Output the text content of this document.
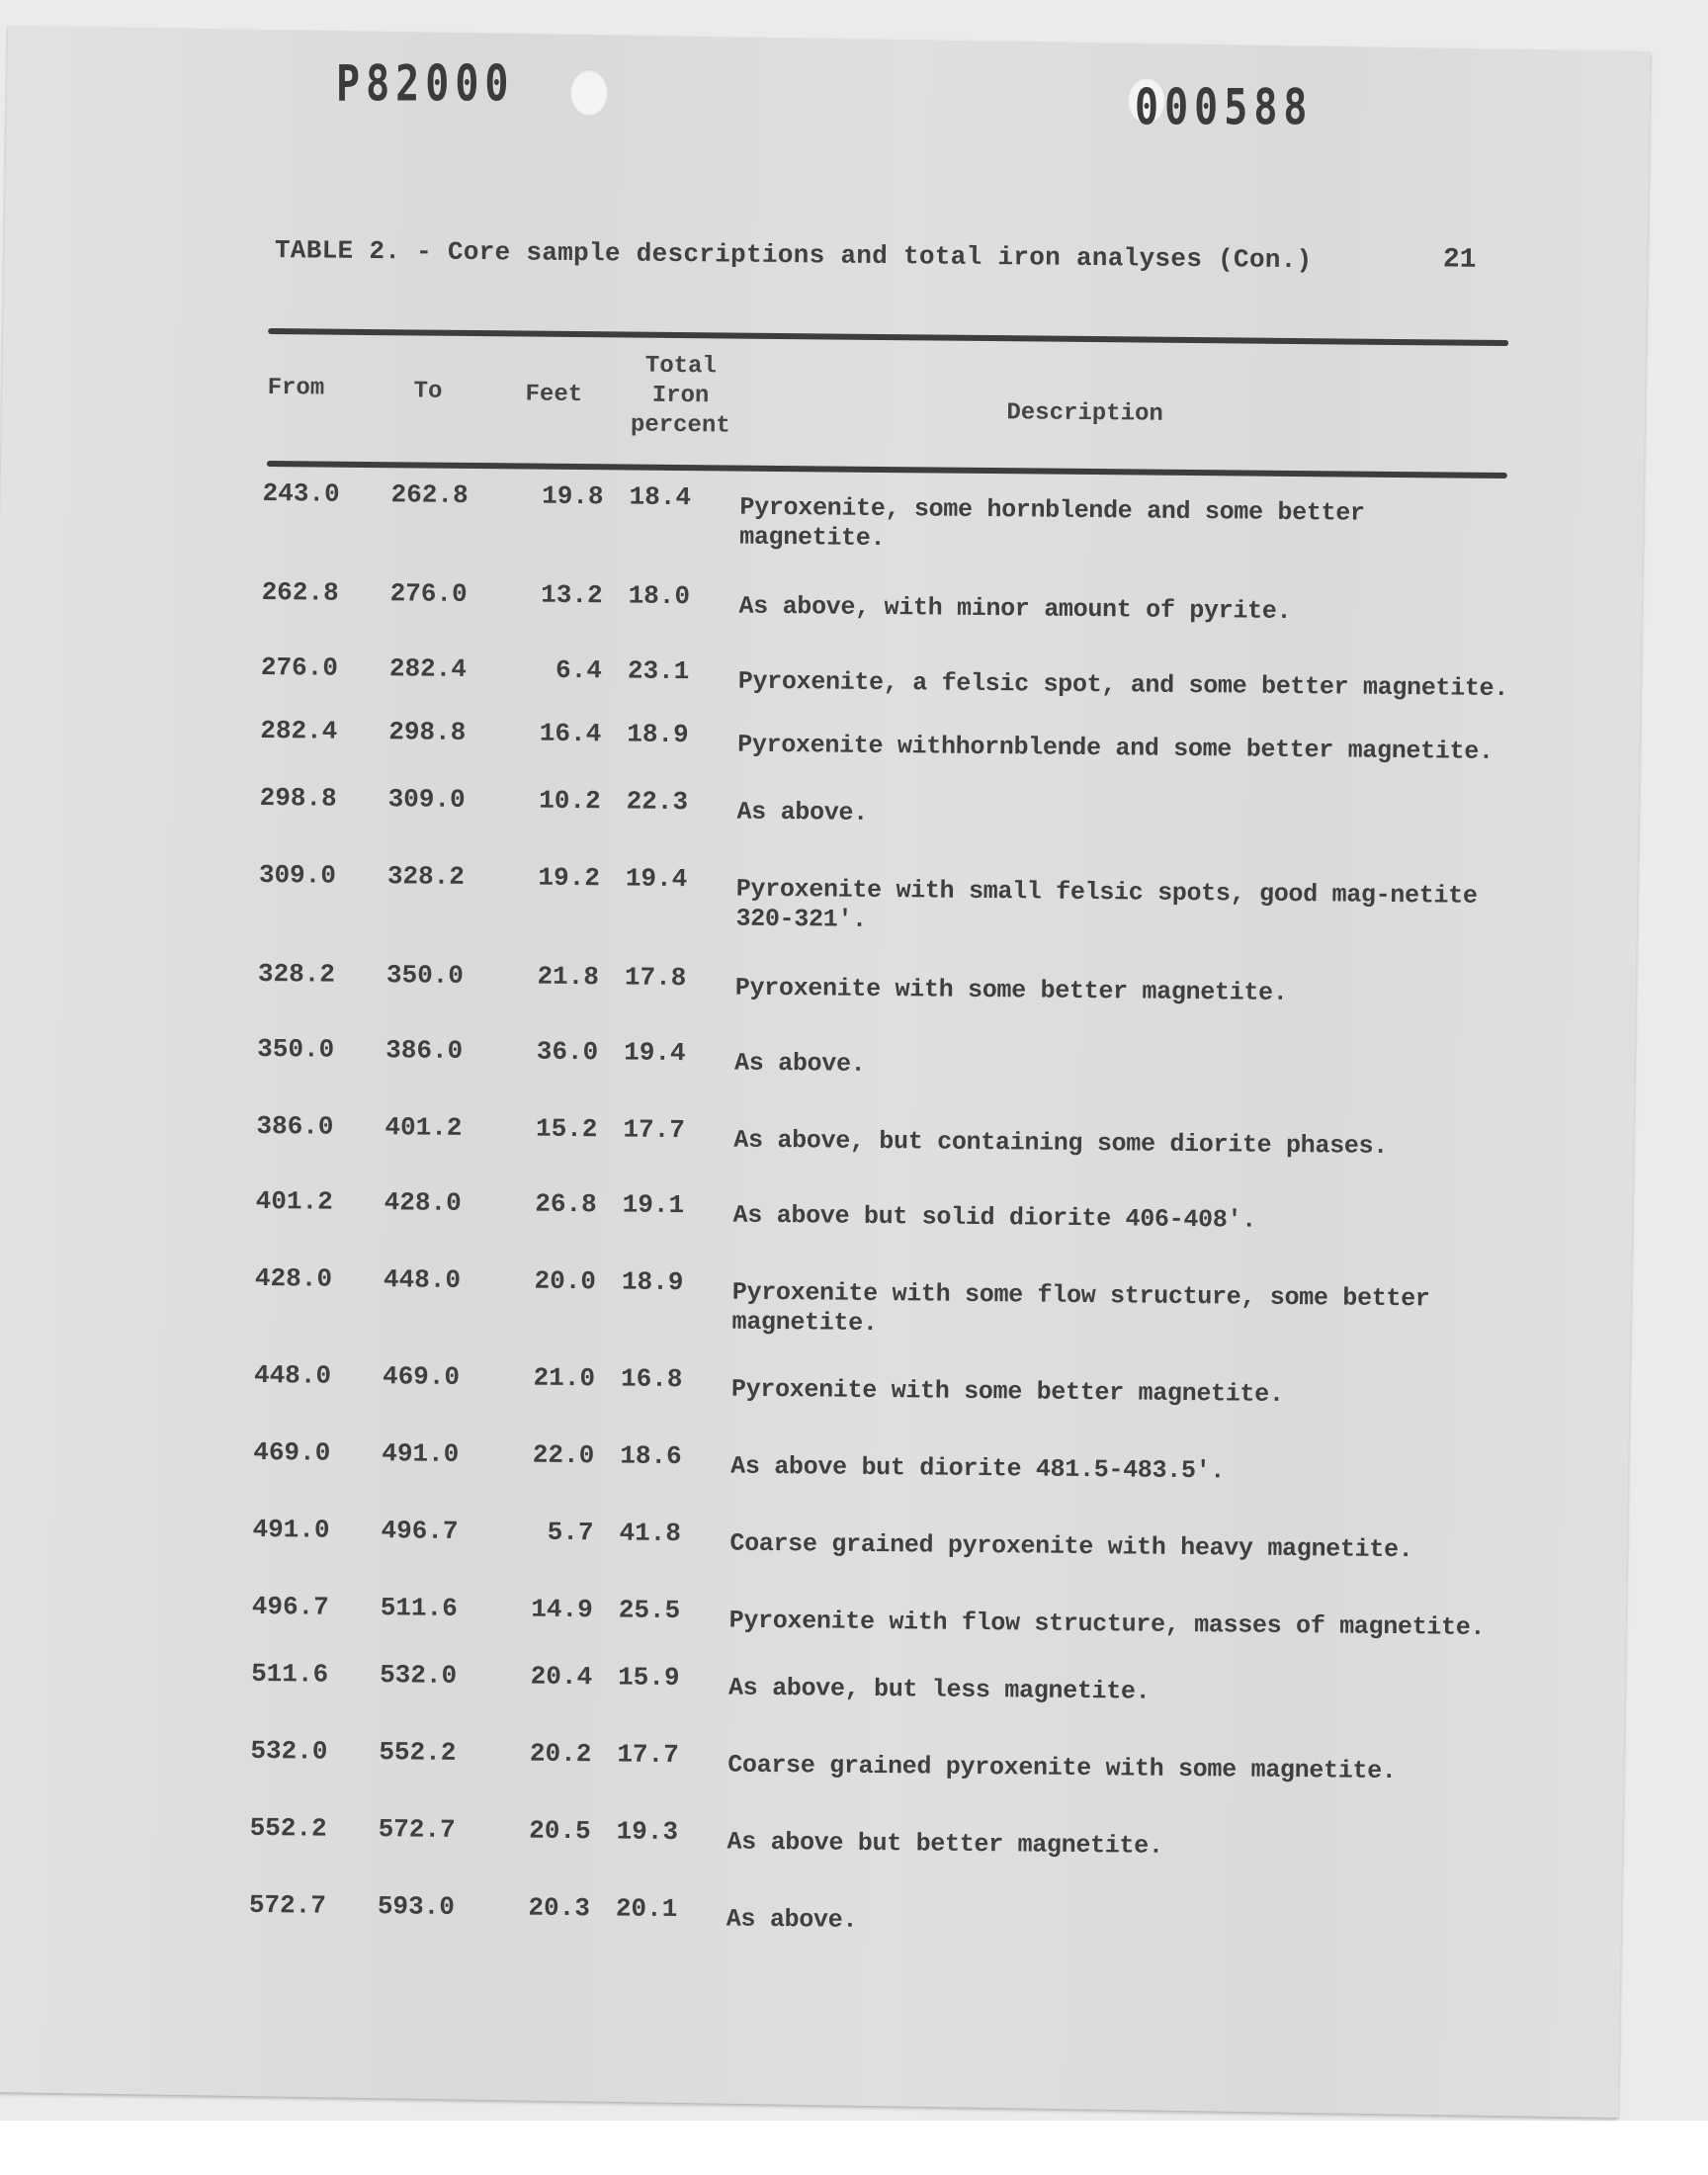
P82000	000588
TABLE 2. - Core sample descriptions and total iron analyses (Con.)	21
From	To	Feet
Total
Iron
percent	Description
243.0	262.8	19.8 18.4	Pyroxenite, some hornblende and some better magnetite.
262.8	276.0	13.2 18.0	As above, with minor amount of pyrite.
276.0	282.4	6.4 23.1	Pyroxenite, a felsic spot, and some better magnetite.
282.4	298.8	16.4 18.9	Pyroxenite withhornblende and some better magnetite.
298.8	309.0	10.2 22.3	As above.
309.0	328.2	19.2 19.4	Pyroxenite with small felsic spots, good mag-netite 320-321'.
328.2	350.0	21.8 17.8	Pyroxenite with some better magnetite.
350.0	386.0	36.0 19.4	As above.
386.0	401.2	15.2 17.7	As above, but containing some diorite phases.
401.2	428.0	26.8 19.1	As above but solid diorite 406-408'.
428.0	448.0	20.0 18.9	Pyroxenite with some flow structure, some better magnetite.
448.0	469.0	21.0 16.8	Pyroxenite with some better magnetite.
469.0	491.0	22.0 18.6	As above but diorite 481.5-483.5'.
491.0	496.7	5.7 41.8	Coarse grained pyroxenite with heavy magnetite.
496.7	511.6	14.9 25.5	Pyroxenite with flow structure, masses of magnetite.
511.6	532.0	20.4 15.9	As above, but less magnetite.
532.0	552.2	20.2 17.7	Coarse grained pyroxenite with some magnetite.
552.2	572.7	20.5 19.3	As above but better magnetite.
572.7	593.0	20.3 20.1	As above.
